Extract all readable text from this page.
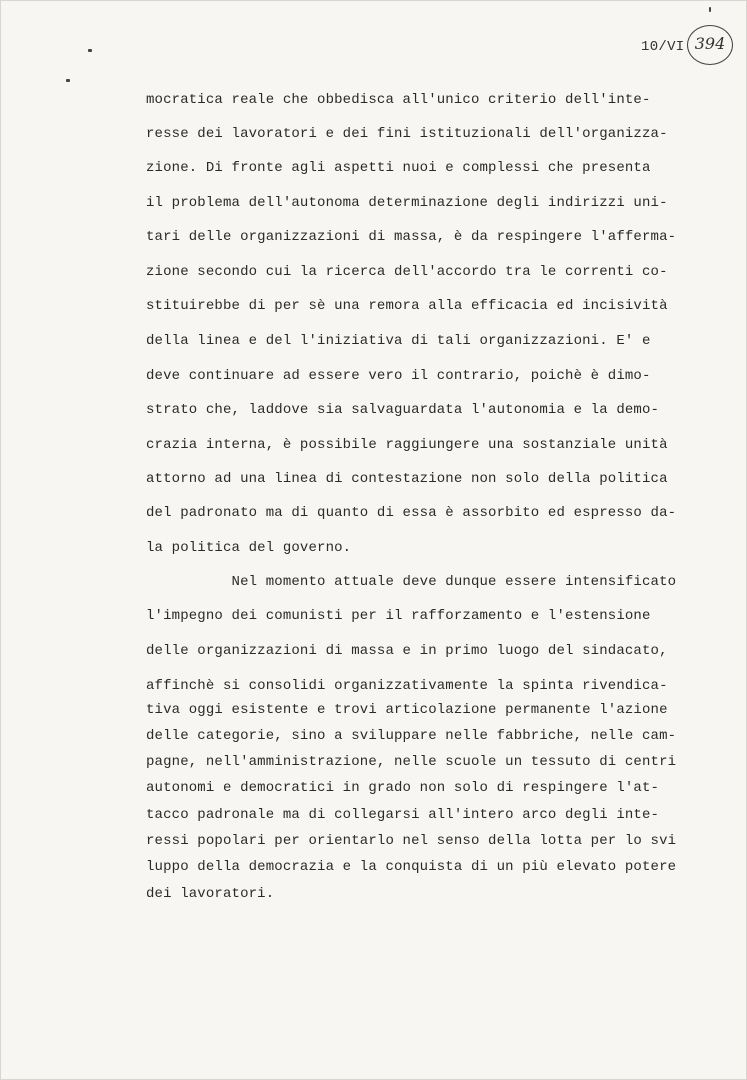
10/VI 394
mocratica reale che obbedisca all'unico criterio dell'inte-
resse dei lavoratori e dei fini istituzionali dell'organizza-
zione. Di fronte agli aspetti nuoi e complessi che presenta
il problema dell'autonoma determinazione degli indirizzi uni-
tari delle organizzazioni di massa, è da respingere l'afferma-
zione secondo cui la ricerca dell'accordo tra le correnti co-
stituirebbe di per sè una remora alla efficacia ed incisività
della linea e del l'iniziativa di tali organizzazioni. E' e
deve continuare ad essere vero il contrario, poichè è dimo-
strato che, laddove sia salvaguardata l'autonomia e la demo-
crazia interna, è possibile raggiungere una sostanziale unità
attorno ad una linea di contestazione non solo della politica
del padronato ma di quanto di essa è assorbito ed espresso da-
la politica del governo.
Nel momento attuale deve dunque essere intensificato
l'impegno dei comunisti per il rafforzamento e l'estensione
delle organizzazioni di massa e in primo luogo del sindacato,
affinchè si consolidi organizzativamente la spinta rivendica-
tiva oggi esistente e trovi articolazione permanente l'azione
delle categorie, sino a sviluppare nelle fabbriche, nelle cam-
pagne, nell'amministrazione, nelle scuole un tessuto di centri
autonomi e democratici in grado non solo di respingere l'at-
tacco padronale ma di collegarsi all'intero arco degli inte-
ressi popolari per orientarlo nel senso della lotta per lo svi
luppo della democrazia e la conquista di un più elevato potere
dei lavoratori.
